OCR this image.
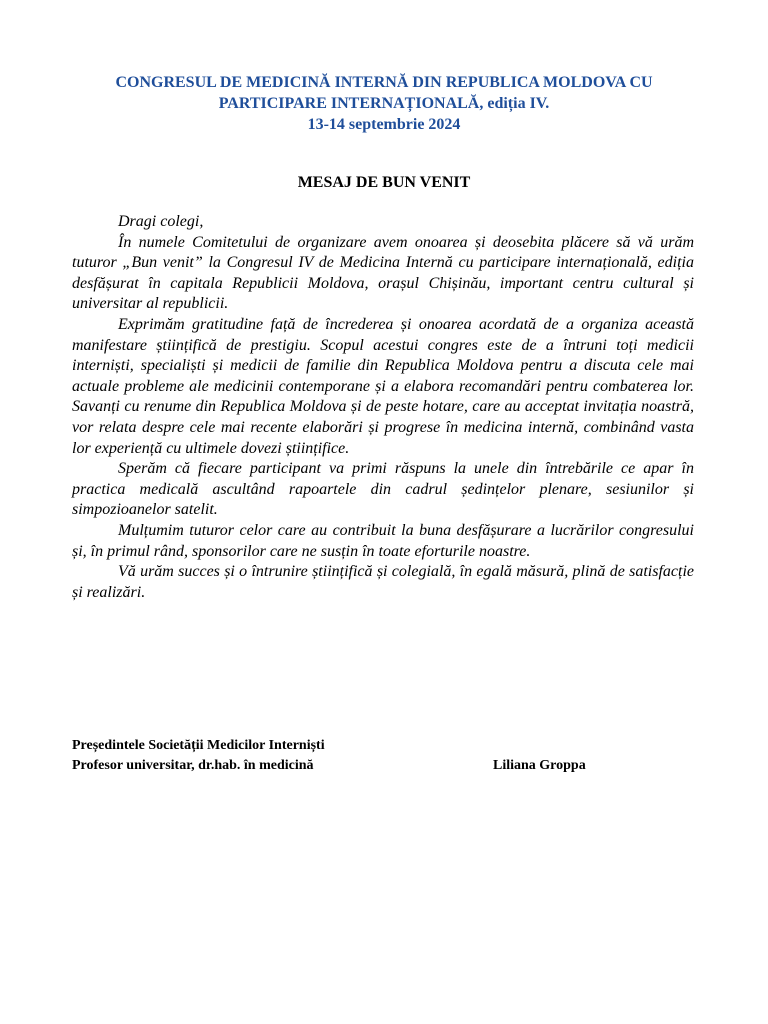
CONGRESUL DE MEDICINĂ INTERNĂ DIN REPUBLICA MOLDOVA CU
PARTICIPARE INTERNAȚIONALĂ, ediția IV.
13-14 septembrie 2024
MESAJ DE BUN VENIT

Dragi colegi,

În numele Comitetului de organizare avem onoarea și deosebita plăcere să vă urăm tuturor „Bun venit” la Congresul IV de Medicina Internă cu participare internațională, ediția desfășurat în capitala Republicii Moldova, orașul Chișinău, important centru cultural și universitar al republicii.

Exprimăm gratitudine față de încrederea și onoarea acordată de a organiza această manifestare științifică de prestigiu. Scopul acestui congres este de a întruni toți medicii interniști, specialiști și medicii de familie din Republica Moldova pentru a discuta cele mai actuale probleme ale medicinii contemporane și a elabora recomandări pentru combaterea lor. Savanți cu renume din Republica Moldova și de peste hotare, care au acceptat invitația noastră, vor relata despre cele mai recente elaborări și progrese în medicina internă, combinând vasta lor experiență cu ultimele dovezi științifice.

Sperăm că fiecare participant va primi răspuns la unele din întrebările ce apar în practica medicală ascultând rapoartele din cadrul ședințelor plenare, sesiunilor și simpozioanelor satelit.

Mulțumim tuturor celor care au contribuit la buna desfășurare a lucrărilor congresului și, în primul rând, sponsorilor care ne susțin în toate eforturile noastre.

Vă urăm succes și o întrunire științifică și colegială, în egală măsură, plină de satisfacție și realizări.

Președintele Societății Medicilor Interniști
Profesor universitar, dr.hab. în medicină	Liliana Groppa
